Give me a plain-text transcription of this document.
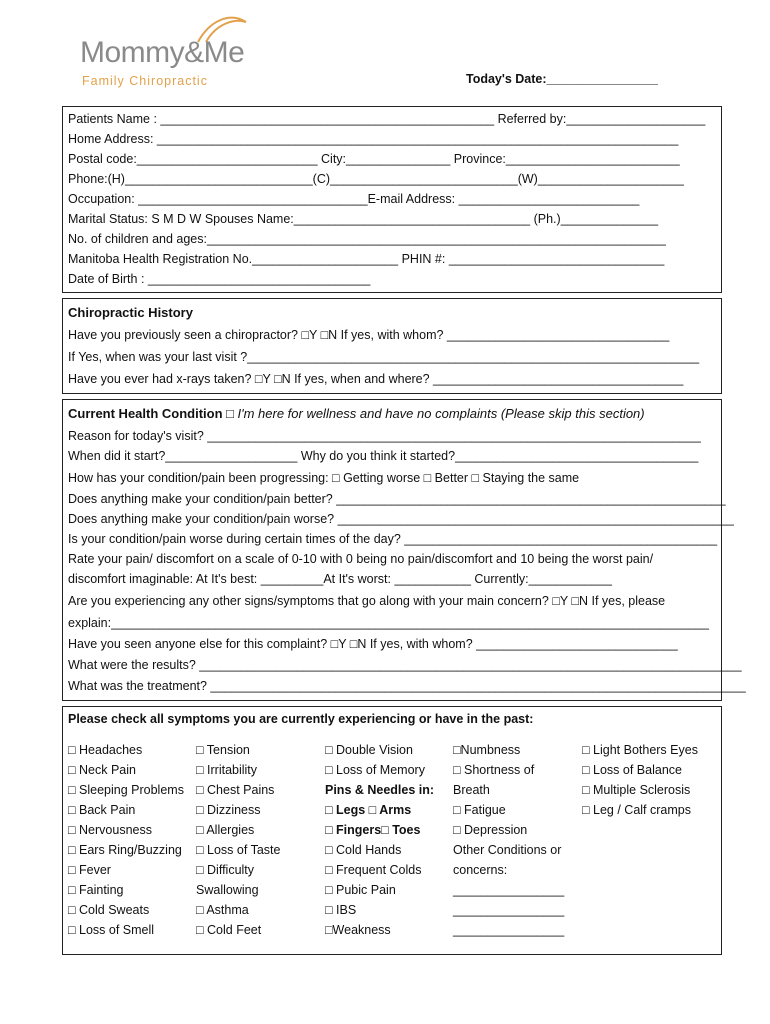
Mommy&Me
Family Chiropractic	Today's Date:________________
Patients Name : ________________________________________________ Referred by:____________________
Home Address: ___________________________________________________________________________
Postal code:__________________________ City:_______________ Province:_________________________
Phone:(H)___________________________(C)___________________________(W)_____________________
Occupation: _________________________________E-mail Address: __________________________
Marital Status: S M D W Spouses Name:__________________________________ (Ph.)______________
No. of children and ages:__________________________________________________________________
Manitoba Health Registration No._____________________ PHIN #: _______________________________
Date of Birth : ________________________________
Chiropractic History
Have you previously seen a chiropractor? □Y □N If yes, with whom? ________________________________
If Yes, when was your last visit ?_________________________________________________________________
Have you ever had x-rays taken? □Y □N If yes, when and where? ____________________________________
Current Health Condition □ I'm here for wellness and have no complaints (Please skip this section)
Reason for today's visit? _______________________________________________________________________
When did it start?___________________ Why do you think it started?___________________________________
How has your condition/pain been progressing: □ Getting worse □ Better □ Staying the same
Does anything make your condition/pain better? ________________________________________________________
Does anything make your condition/pain worse? _________________________________________________________
Is your condition/pain worse during certain times of the day? _____________________________________________
Rate your pain/ discomfort on a scale of 0-10 with 0 being no pain/discomfort and 10 being the worst pain/
discomfort imaginable: At It's best: _________At It's worst: ___________ Currently:____________
Are you experiencing any other signs/symptoms that go along with your main concern? □Y □N If yes, please
explain:______________________________________________________________________________________
Have you seen anyone else for this complaint? □Y □N If yes, with whom? _____________________________
What were the results? ______________________________________________________________________________
What was the treatment? _____________________________________________________________________________
Please check all symptoms you are currently experiencing or have in the past:
□ Headaches
□ Neck Pain
□ Sleeping Problems
□ Back Pain
□ Nervousness
□ Ears Ring/Buzzing
□ Fever
□ Fainting
□ Cold Sweats
□ Loss of Smell
□ Tension
□ Irritability
□ Chest Pains
□ Dizziness
□ Allergies
□ Loss of Taste
□ Difficulty
Swallowing
□ Asthma
□ Cold Feet
□ Double Vision
□ Loss of Memory
Pins & Needles in:
□ Legs □ Arms
□ Fingers□ Toes
□ Cold Hands
□ Frequent Colds
□ Pubic Pain
□ IBS
□Weakness
□Numbness
□ Shortness of
Breath
□ Fatigue
□ Depression
Other Conditions or
concerns:
________________
________________
________________
□ Light Bothers Eyes
□ Loss of Balance
□ Multiple Sclerosis
□ Leg / Calf cramps
